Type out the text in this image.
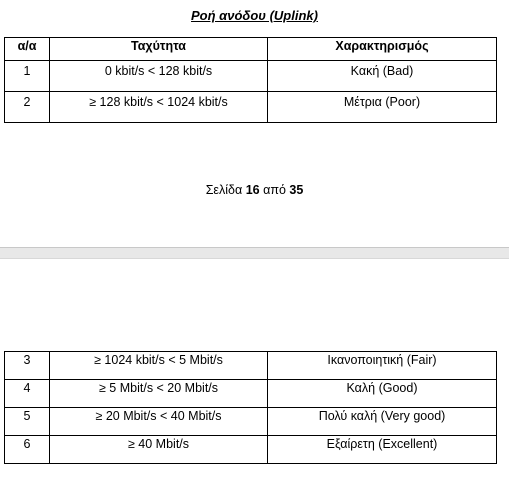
Ροή ανόδου (Uplink)
α/α	Ταχύτητα	Χαρακτηρισμός
1	0 kbit/s < 128 kbit/s	Κακή (Bad)
2	≥ 128 kbit/s < 1024 kbit/s	Μέτρια (Poor)
Σελίδα 16 από 35
3	≥ 1024 kbit/s < 5 Mbit/s	Ικανοποιητική (Fair)
4	≥ 5 Mbit/s < 20 Mbit/s	Καλή (Good)
5	≥ 20 Mbit/s < 40 Mbit/s	Πολύ καλή (Very good)
6	≥ 40 Mbit/s	Εξαίρετη (Excellent)
